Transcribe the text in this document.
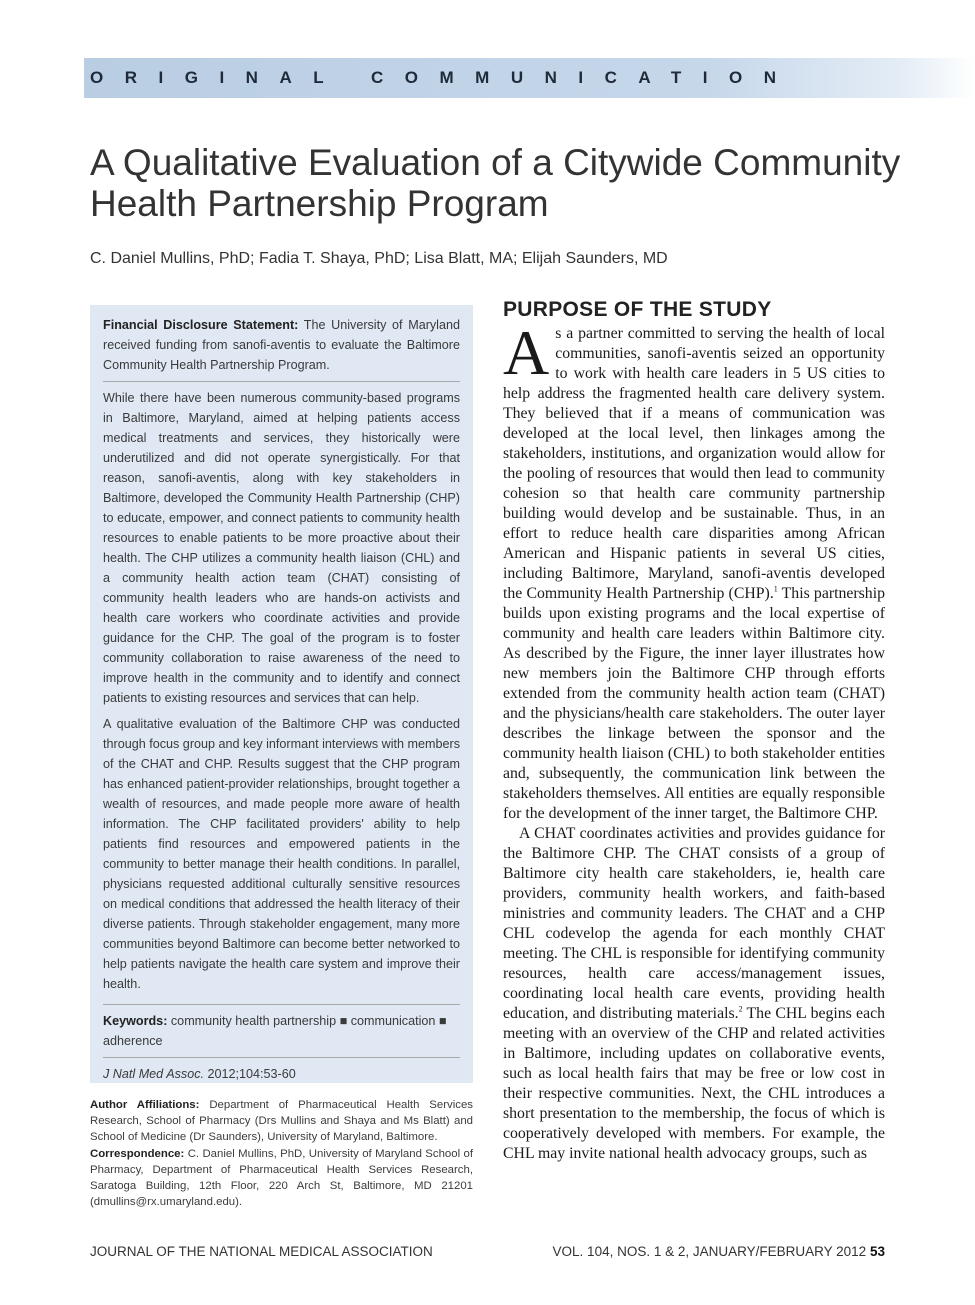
ORIGINAL COMMUNICATION
A Qualitative Evaluation of a Citywide Community Health Partnership Program
C. Daniel Mullins, PhD; Fadia T. Shaya, PhD; Lisa Blatt, MA; Elijah Saunders, MD

Financial Disclosure Statement: The University of Maryland received funding from sanofi-aventis to evaluate the Baltimore Community Health Partnership Program.

While there have been numerous community-based programs in Baltimore, Maryland, aimed at helping patients access medical treatments and services, they historically were underutilized and did not operate synergistically. For that reason, sanofi-aventis, along with key stakeholders in Baltimore, developed the Community Health Partnership (CHP) to educate, empower, and connect patients to community health resources to enable patients to be more proactive about their health. The CHP utilizes a community health liaison (CHL) and a community health action team (CHAT) consisting of community health leaders who are hands-on activists and health care workers who coordinate activities and provide guidance for the CHP. The goal of the program is to foster community collaboration to raise awareness of the need to improve health in the community and to identify and connect patients to existing resources and services that can help.

A qualitative evaluation of the Baltimore CHP was conducted through focus group and key informant interviews with members of the CHAT and CHP. Results suggest that the CHP program has enhanced patient-provider relationships, brought together a wealth of resources, and made people more aware of health information. The CHP facilitated providers' ability to help patients find resources and empowered patients in the community to better manage their health conditions. In parallel, physicians requested additional culturally sensitive resources on medical conditions that addressed the health literacy of their diverse patients. Through stakeholder engagement, many more communities beyond Baltimore can become better networked to help patients navigate the health care system and improve their health.

Keywords: community health partnership ■ communication ■ adherence

J Natl Med Assoc. 2012;104:53-60

Author Affiliations: Department of Pharmaceutical Health Services Research, School of Pharmacy (Drs Mullins and Shaya and Ms Blatt) and School of Medicine (Dr Saunders), University of Maryland, Baltimore.

Correspondence: C. Daniel Mullins, PhD, University of Maryland School of Pharmacy, Department of Pharmaceutical Health Services Research, Saratoga Building, 12th Floor, 220 Arch St, Baltimore, MD 21201 (dmullins@rx.umaryland.edu).

PURPOSE OF THE STUDY

As a partner committed to serving the health of local communities, sanofi-aventis seized an opportunity to work with health care leaders in 5 US cities to help address the fragmented health care delivery system. They believed that if a means of communication was developed at the local level, then linkages among the stakeholders, institutions, and organization would allow for the pooling of resources that would then lead to community cohesion so that health care community partnership building would develop and be sustainable. Thus, in an effort to reduce health care disparities among African American and Hispanic patients in several US cities, including Baltimore, Maryland, sanofi-aventis developed the Community Health Partnership (CHP).$^1$ This partnership builds upon existing programs and the local expertise of community and health care leaders within Baltimore city. As described by the Figure, the inner layer illustrates how new members join the Baltimore CHP through efforts extended from the community health action team (CHAT) and the physicians/health care stakeholders. The outer layer describes the linkage between the sponsor and the community health liaison (CHL) to both stakeholder entities and, subsequently, the communication link between the stakeholders themselves. All entities are equally responsible for the development of the inner target, the Baltimore CHP.

A CHAT coordinates activities and provides guidance for the Baltimore CHP. The CHAT consists of a group of Baltimore city health care stakeholders, ie, health care providers, community health workers, and faith-based ministries and community leaders. The CHAT and a CHP CHL codevelop the agenda for each monthly CHAT meeting. The CHL is responsible for identifying community resources, health care access/management issues, coordinating local health care events, providing health education, and distributing materials.$^2$ The CHL begins each meeting with an overview of the CHP and related activities in Baltimore, including updates on collaborative events, such as local health fairs that may be free or low cost in their respective communities. Next, the CHL introduces a short presentation to the membership, the focus of which is cooperatively developed with members. For example, the CHL may invite national health advocacy groups, such as

JOURNAL OF THE NATIONAL MEDICAL ASSOCIATION	VOL. 104, NOS. 1 & 2, JANUARY/FEBRUARY 2012 53
